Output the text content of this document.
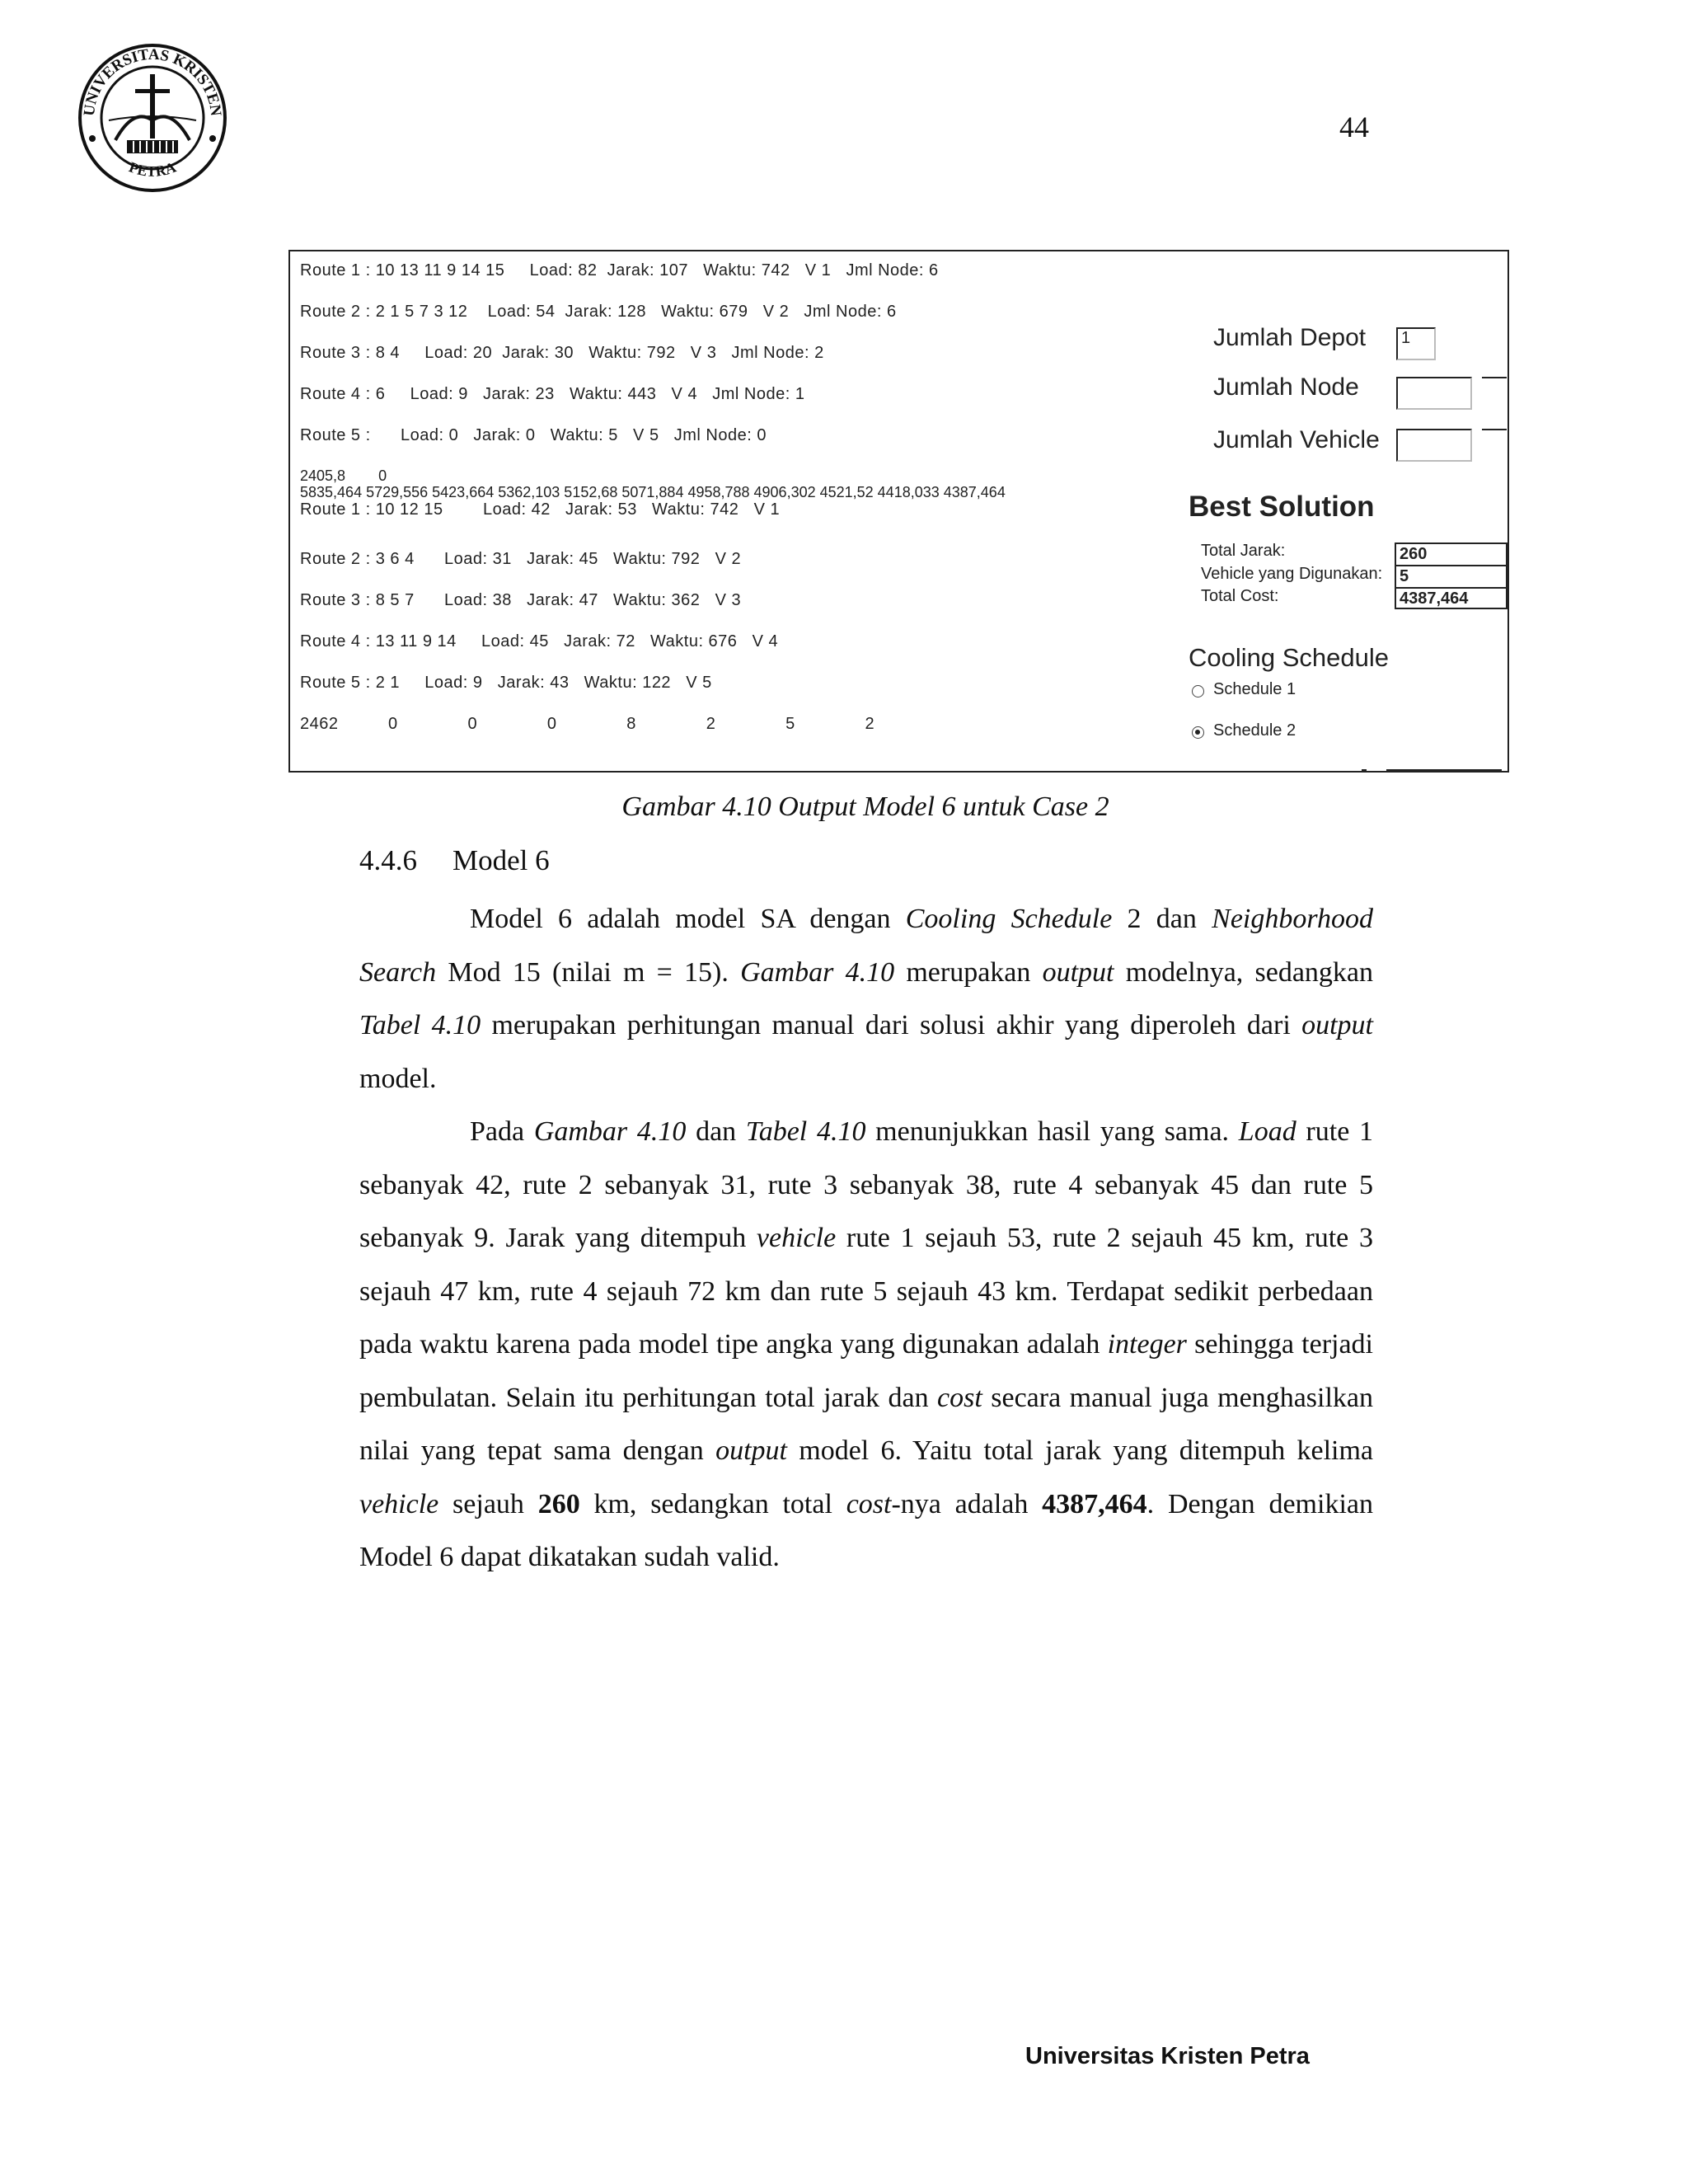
UNIVERSITAS KRISTEN
PETRA
44
Route 1 : 10 13 11 9 14 15     Load: 82  Jarak: 107   Waktu: 742   V 1   Jml Node: 6
Route 2 : 2 1 5 7 3 12    Load: 54  Jarak: 128   Waktu: 679   V 2   Jml Node: 6
Route 3 : 8 4     Load: 20  Jarak: 30   Waktu: 792   V 3   Jml Node: 2
Route 4 : 6     Load: 9   Jarak: 23   Waktu: 443   V 4   Jml Node: 1
Route 5 :      Load: 0   Jarak: 0   Waktu: 5   V 5   Jml Node: 0
2405,8        0
5835,464 5729,556 5423,664 5362,103 5152,68 5071,884 4958,788 4906,302 4521,52 4418,033 4387,464
Route 1 : 10 12 15        Load: 42   Jarak: 53   Waktu: 742   V 1
Route 2 : 3 6 4      Load: 31   Jarak: 45   Waktu: 792   V 2
Route 3 : 8 5 7      Load: 38   Jarak: 47   Waktu: 362   V 3
Route 4 : 13 11 9 14     Load: 45   Jarak: 72   Waktu: 676   V 4
Route 5 : 2 1     Load: 9   Jarak: 43   Waktu: 122   V 5
2462          0              0              0              8              2              5              2
Jumlah Depot	1
Jumlah Node
Jumlah Vehicle
Best Solution
Total Jarak:
Vehicle yang Digunakan:
Total Cost:
260
5
4387,464
Cooling Schedule
Schedule 1
Schedule 2
Gambar 4.10 Output Model 6 untuk Case 2
4.4.6 Model 6

Model 6 adalah model SA dengan Cooling Schedule 2 dan Neighborhood Search Mod 15 (nilai m = 15). Gambar 4.10 merupakan output modelnya, sedangkan Tabel 4.10 merupakan perhitungan manual dari solusi akhir yang diperoleh dari output model.

Pada Gambar 4.10 dan Tabel 4.10 menunjukkan hasil yang sama. Load rute 1 sebanyak 42, rute 2 sebanyak 31, rute 3 sebanyak 38, rute 4 sebanyak 45 dan rute 5 sebanyak 9. Jarak yang ditempuh vehicle rute 1 sejauh 53, rute 2 sejauh 45 km, rute 3 sejauh 47 km, rute 4 sejauh 72 km dan rute 5 sejauh 43 km. Terdapat sedikit perbedaan pada waktu karena pada model tipe angka yang digunakan adalah integer sehingga terjadi pembulatan. Selain itu perhitungan total jarak dan cost secara manual juga menghasilkan nilai yang tepat sama dengan output model 6. Yaitu total jarak yang ditempuh kelima vehicle sejauh 260 km, sedangkan total cost-nya adalah 4387,464. Dengan demikian Model 6 dapat dikatakan sudah valid.

Universitas Kristen Petra
